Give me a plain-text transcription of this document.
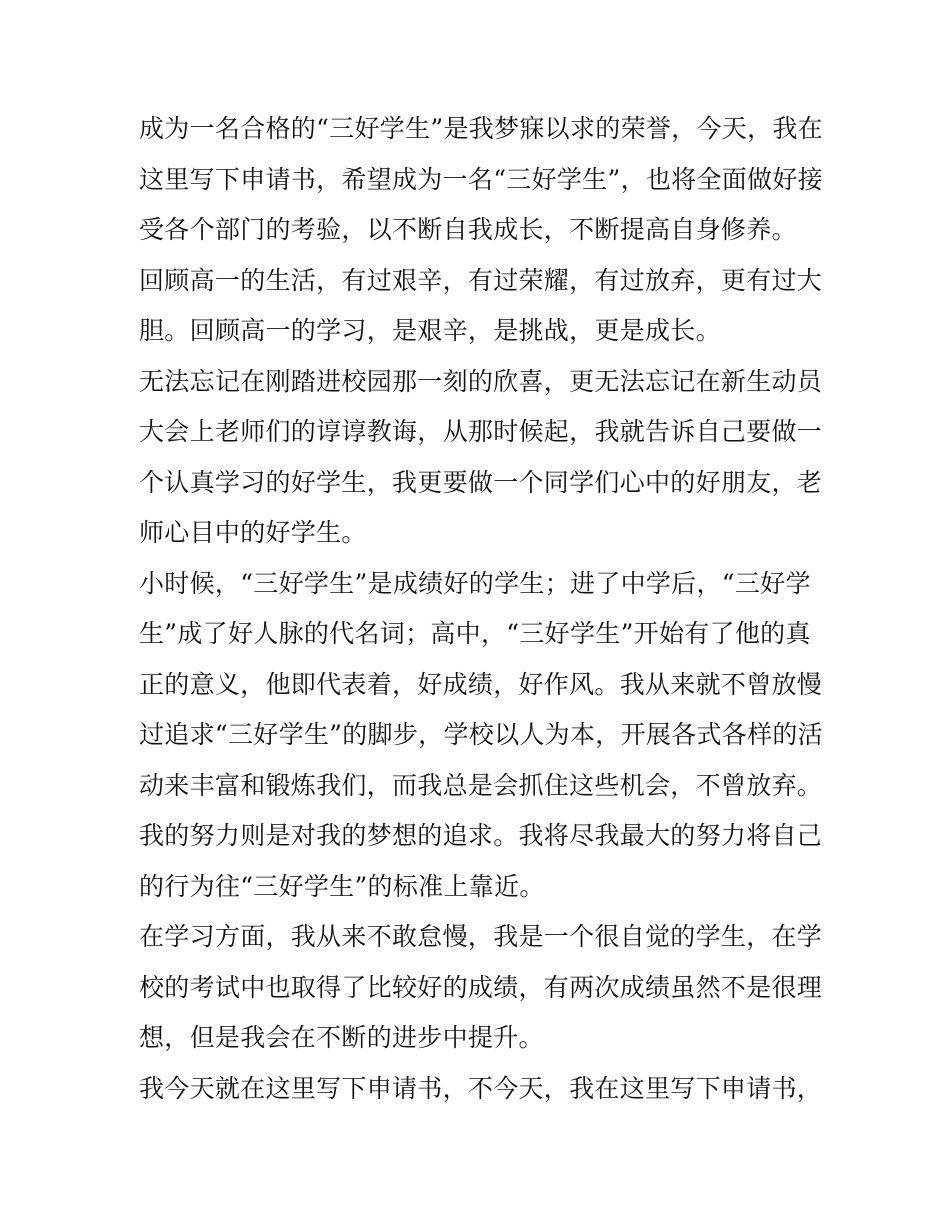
成为一名合格的“三好学生”是我梦寐以求的荣誉，今天，我在
这里写下申请书，希望成为一名“三好学生”，也将全面做好接
受各个部门的考验，以不断自我成长，不断提高自身修养。
回顾高一的生活，有过艰辛，有过荣耀，有过放弃，更有过大
胆。回顾高一的学习，是艰辛，是挑战，更是成长。
无法忘记在刚踏进校园那一刻的欣喜，更无法忘记在新生动员
大会上老师们的谆谆教诲，从那时候起，我就告诉自己要做一
个认真学习的好学生，我更要做一个同学们心中的好朋友，老
师心目中的好学生。
小时候，“三好学生”是成绩好的学生；进了中学后，“三好学
生”成了好人脉的代名词；高中，“三好学生”开始有了他的真
正的意义，他即代表着，好成绩，好作风。我从来就不曾放慢
过追求“三好学生”的脚步，学校以人为本，开展各式各样的活
动来丰富和锻炼我们，而我总是会抓住这些机会，不曾放弃。
我的努力则是对我的梦想的追求。我将尽我最大的努力将自己
的行为往“三好学生”的标准上靠近。
在学习方面，我从来不敢怠慢，我是一个很自觉的学生，在学
校的考试中也取得了比较好的成绩，有两次成绩虽然不是很理
想，但是我会在不断的进步中提升。
我今天就在这里写下申请书，不今天，我在这里写下申请书，
